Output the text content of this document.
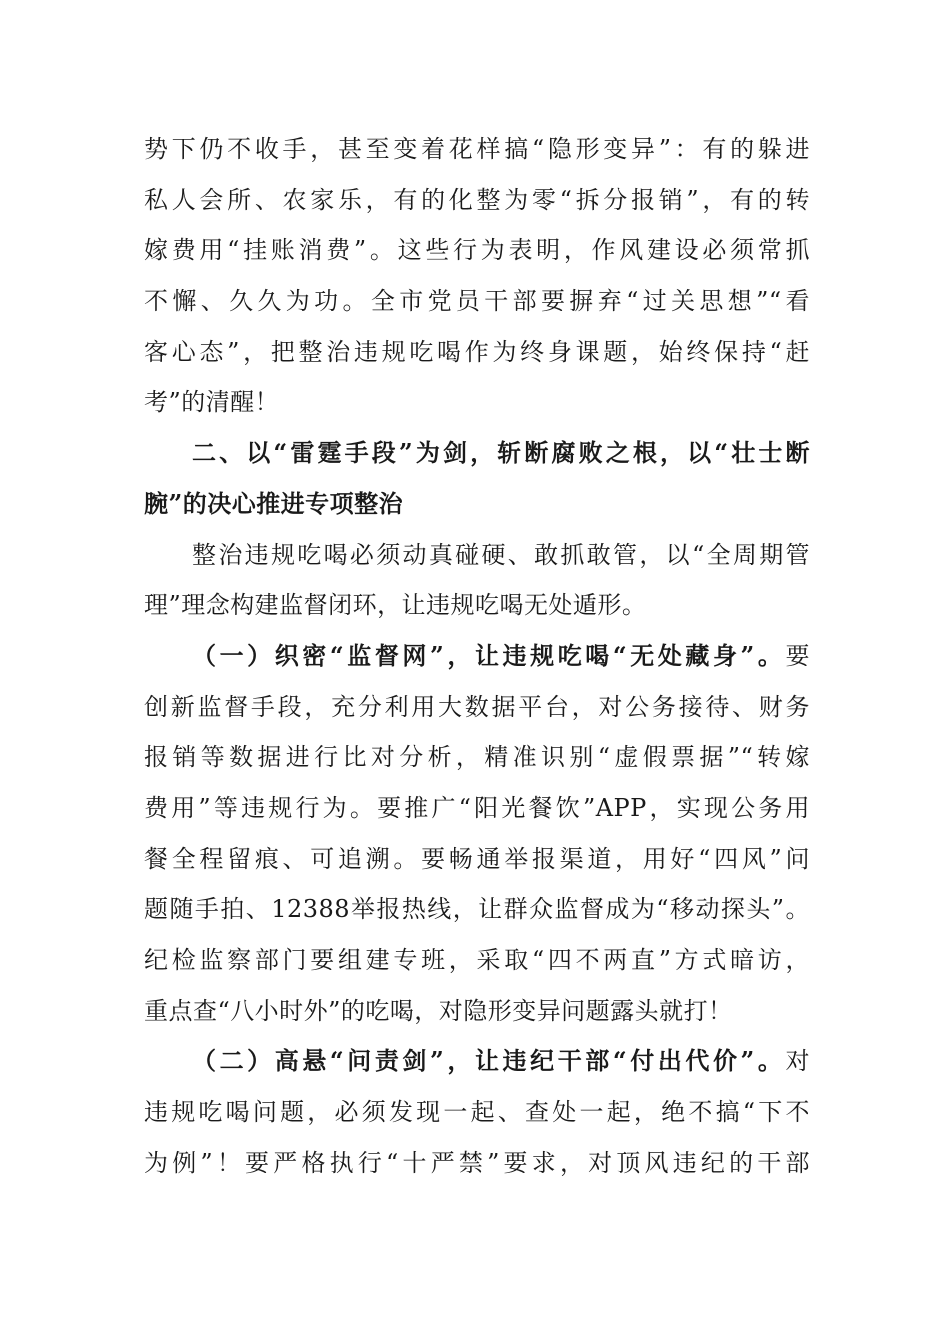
势下仍不收手，甚至变着花样搞“隐形变异”：有的躲进
私人会所、农家乐，有的化整为零“拆分报销”，有的转
嫁费用“挂账消费”。这些行为表明，作风建设必须常抓
不懈、久久为功。全市党员干部要摒弃“过关思想”“看
客心态”，把整治违规吃喝作为终身课题，始终保持“赶
考”的清醒！
二、以“雷霆手段”为剑，斩断腐败之根，以“壮士断
腕”的决心推进专项整治
整治违规吃喝必须动真碰硬、敢抓敢管，以“全周期管
理”理念构建监督闭环，让违规吃喝无处遁形。
（一）织密“监督网”，让违规吃喝“无处藏身”。要
创新监督手段，充分利用大数据平台，对公务接待、财务
报销等数据进行比对分析，精准识别“虚假票据”“转嫁
费用”等违规行为。要推广“阳光餐饮”APP，实现公务用
餐全程留痕、可追溯。要畅通举报渠道，用好“四风”问
题随手拍、12388举报热线，让群众监督成为“移动探头”。
纪检监察部门要组建专班，采取“四不两直”方式暗访，
重点查“八小时外”的吃喝，对隐形变异问题露头就打！
（二）高悬“问责剑”，让违纪干部“付出代价”。对
违规吃喝问题，必须发现一起、查处一起，绝不搞“下不
为例”！要严格执行“十严禁”要求，对顶风违纪的干部
